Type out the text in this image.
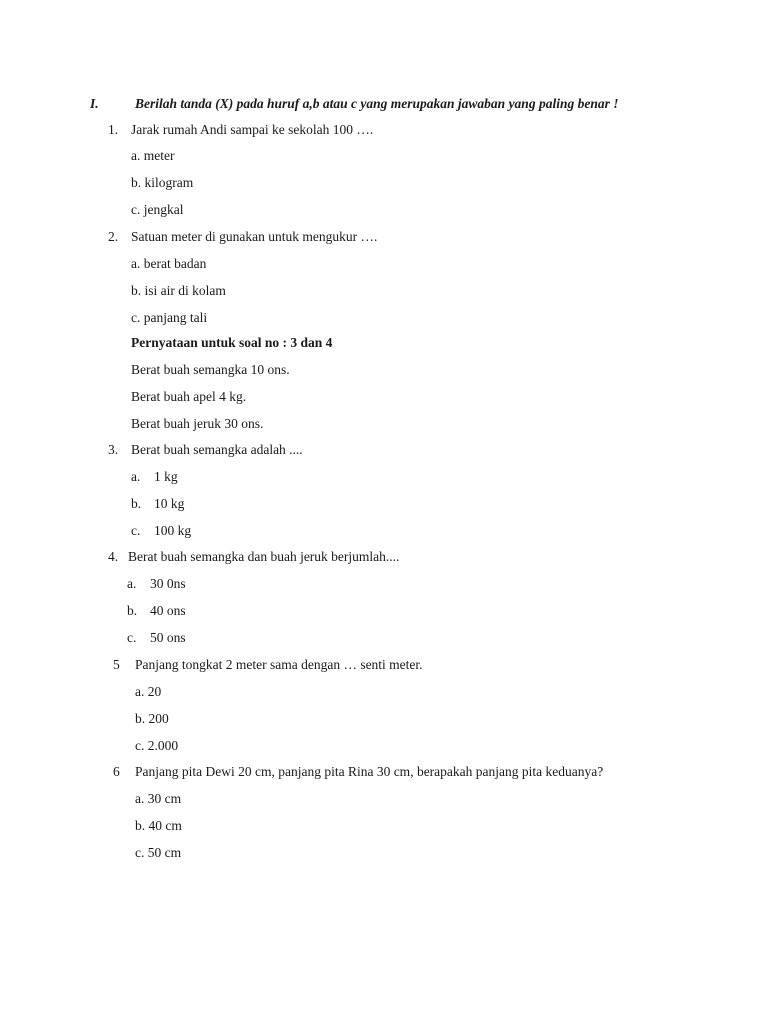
I.	Berilah tanda (X) pada huruf a,b atau c yang merupakan jawaban yang paling benar !
1. Jarak rumah Andi sampai ke sekolah 100 ….
a. meter
b. kilogram
c. jengkal
2. Satuan meter di gunakan untuk mengukur ….
a. berat badan
b. isi air di kolam
c. panjang tali
Pernyataan untuk soal no : 3 dan 4
Berat buah semangka 10 ons.
Berat buah apel 4 kg.
Berat buah jeruk 30 ons.
3. Berat buah semangka adalah ....
a. 1 kg
b. 10 kg
c. 100 kg
4. Berat buah semangka dan buah jeruk berjumlah....
a. 30 0ns
b. 40 ons
c. 50 ons
5 Panjang tongkat 2 meter sama dengan … senti meter.
a. 20
b. 200
c. 2.000
6 Panjang pita Dewi 20 cm, panjang pita Rina 30 cm, berapakah panjang pita keduanya?
a. 30 cm
b. 40 cm
c. 50 cm
